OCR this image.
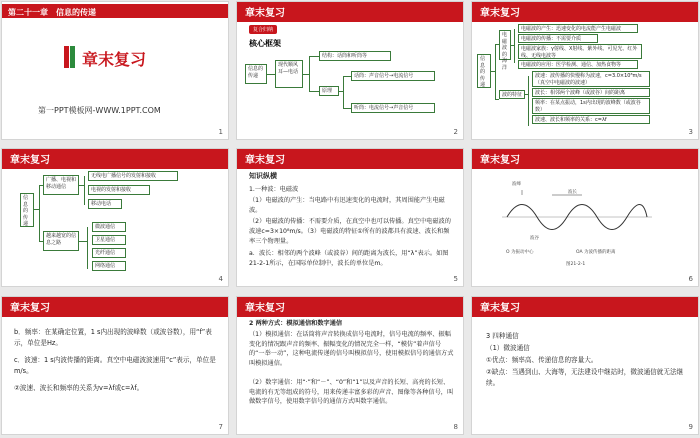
第二十一章　信息的传递
章末复习
第一PPT模板网-WWW.1PPT.COM
1
章末复习
复合归纳
核心框架
信息的传递
现代顺风耳—电话
结构：话筒和听筒等
原理
话筒：声音信号→电流信号
听筒：电流信号→声音信号
2
章末复习
信息的传递
电磁波的海洋
电磁波的产生：迅速变化的电流能产生电磁波
电磁波的传播：不需要介质
电磁波家族：γ射线、X射线、紫外线、可见光、红外线、无线电波等
电磁波的应用：医学检测、通信、加热食物等
波的特征
波速：波传播的快慢称为波速，c=3.0×10⁸m/s（真空中电磁波的波速）
波长：相邻两个波峰（或波谷）间的距离
频率：在某点振动，1s内出现的波峰数（或波谷数）
波速、波长和频率的关系：c=λf
3
章末复习
信息的传递
广播、电视和移动通信
无线电广播信号的发射和接收
电视的发射和接收
移动电话
越来越宽的信息之路
微波通信
卫星通信
光纤通信
网络通信
4
章末复习
知识纵横
1.一种波：电磁波
（1）电磁波的产生：当电路中有迅速变化的电流时，其周围能产生电磁波。
（2）电磁波的传播：不需要介质，在真空中也可以传播。真空中电磁波的波速c=3×10⁸m/s。（3）电磁波的特征①所有的波都具有波速、波长和频率三个物理量。
a．波长：相邻的两个波峰（或波谷）间的距离为波长，用“λ”表示。如图21-2-1所示，在国际单位制中，波长的单位是m。
5
章末复习
波峰
波长
波谷
O 为振动中心	OA 为波传播的距离
图21-2-1
6
章末复习
b．频率：在某确定位置，1 s内出现的波峰数（或波谷数），用“f”表示，单位是Hz。
c．波速：1 s内波传播的距离。真空中电磁波波速用“c”表示，单位是m/s。
②波速、波长和频率的关系为v=λf或c=λf。
7
章末复习
2 两种方式：模拟通信和数字通信
（1）模拟通信：在话筒将声音转换成信号电流时，信号电流的频率、振幅变化的情况跟声音的频率、振幅变化的情况完全一样，“模仿”着声信号的“一举一动”，这种电流传递的信号叫模拟信号，使用模拟信号的通信方式叫模拟通信。
（2）数字通信：用“·”和“－”、“0”和“1”以及声音的长短、高亮的长短、电流的有无等组成的符号，用来传递丰富多彩的声音、图像等各种信号，叫做数字信号，使用数字信号的通信方式叫数字通信。
8
章末复习
3 四种通信
（1）微波通信
①优点：频率高、传递信息的容量大。
②缺点：当遇到山、大海等，无法建设中继站时，微波通信就无法继续。
9
